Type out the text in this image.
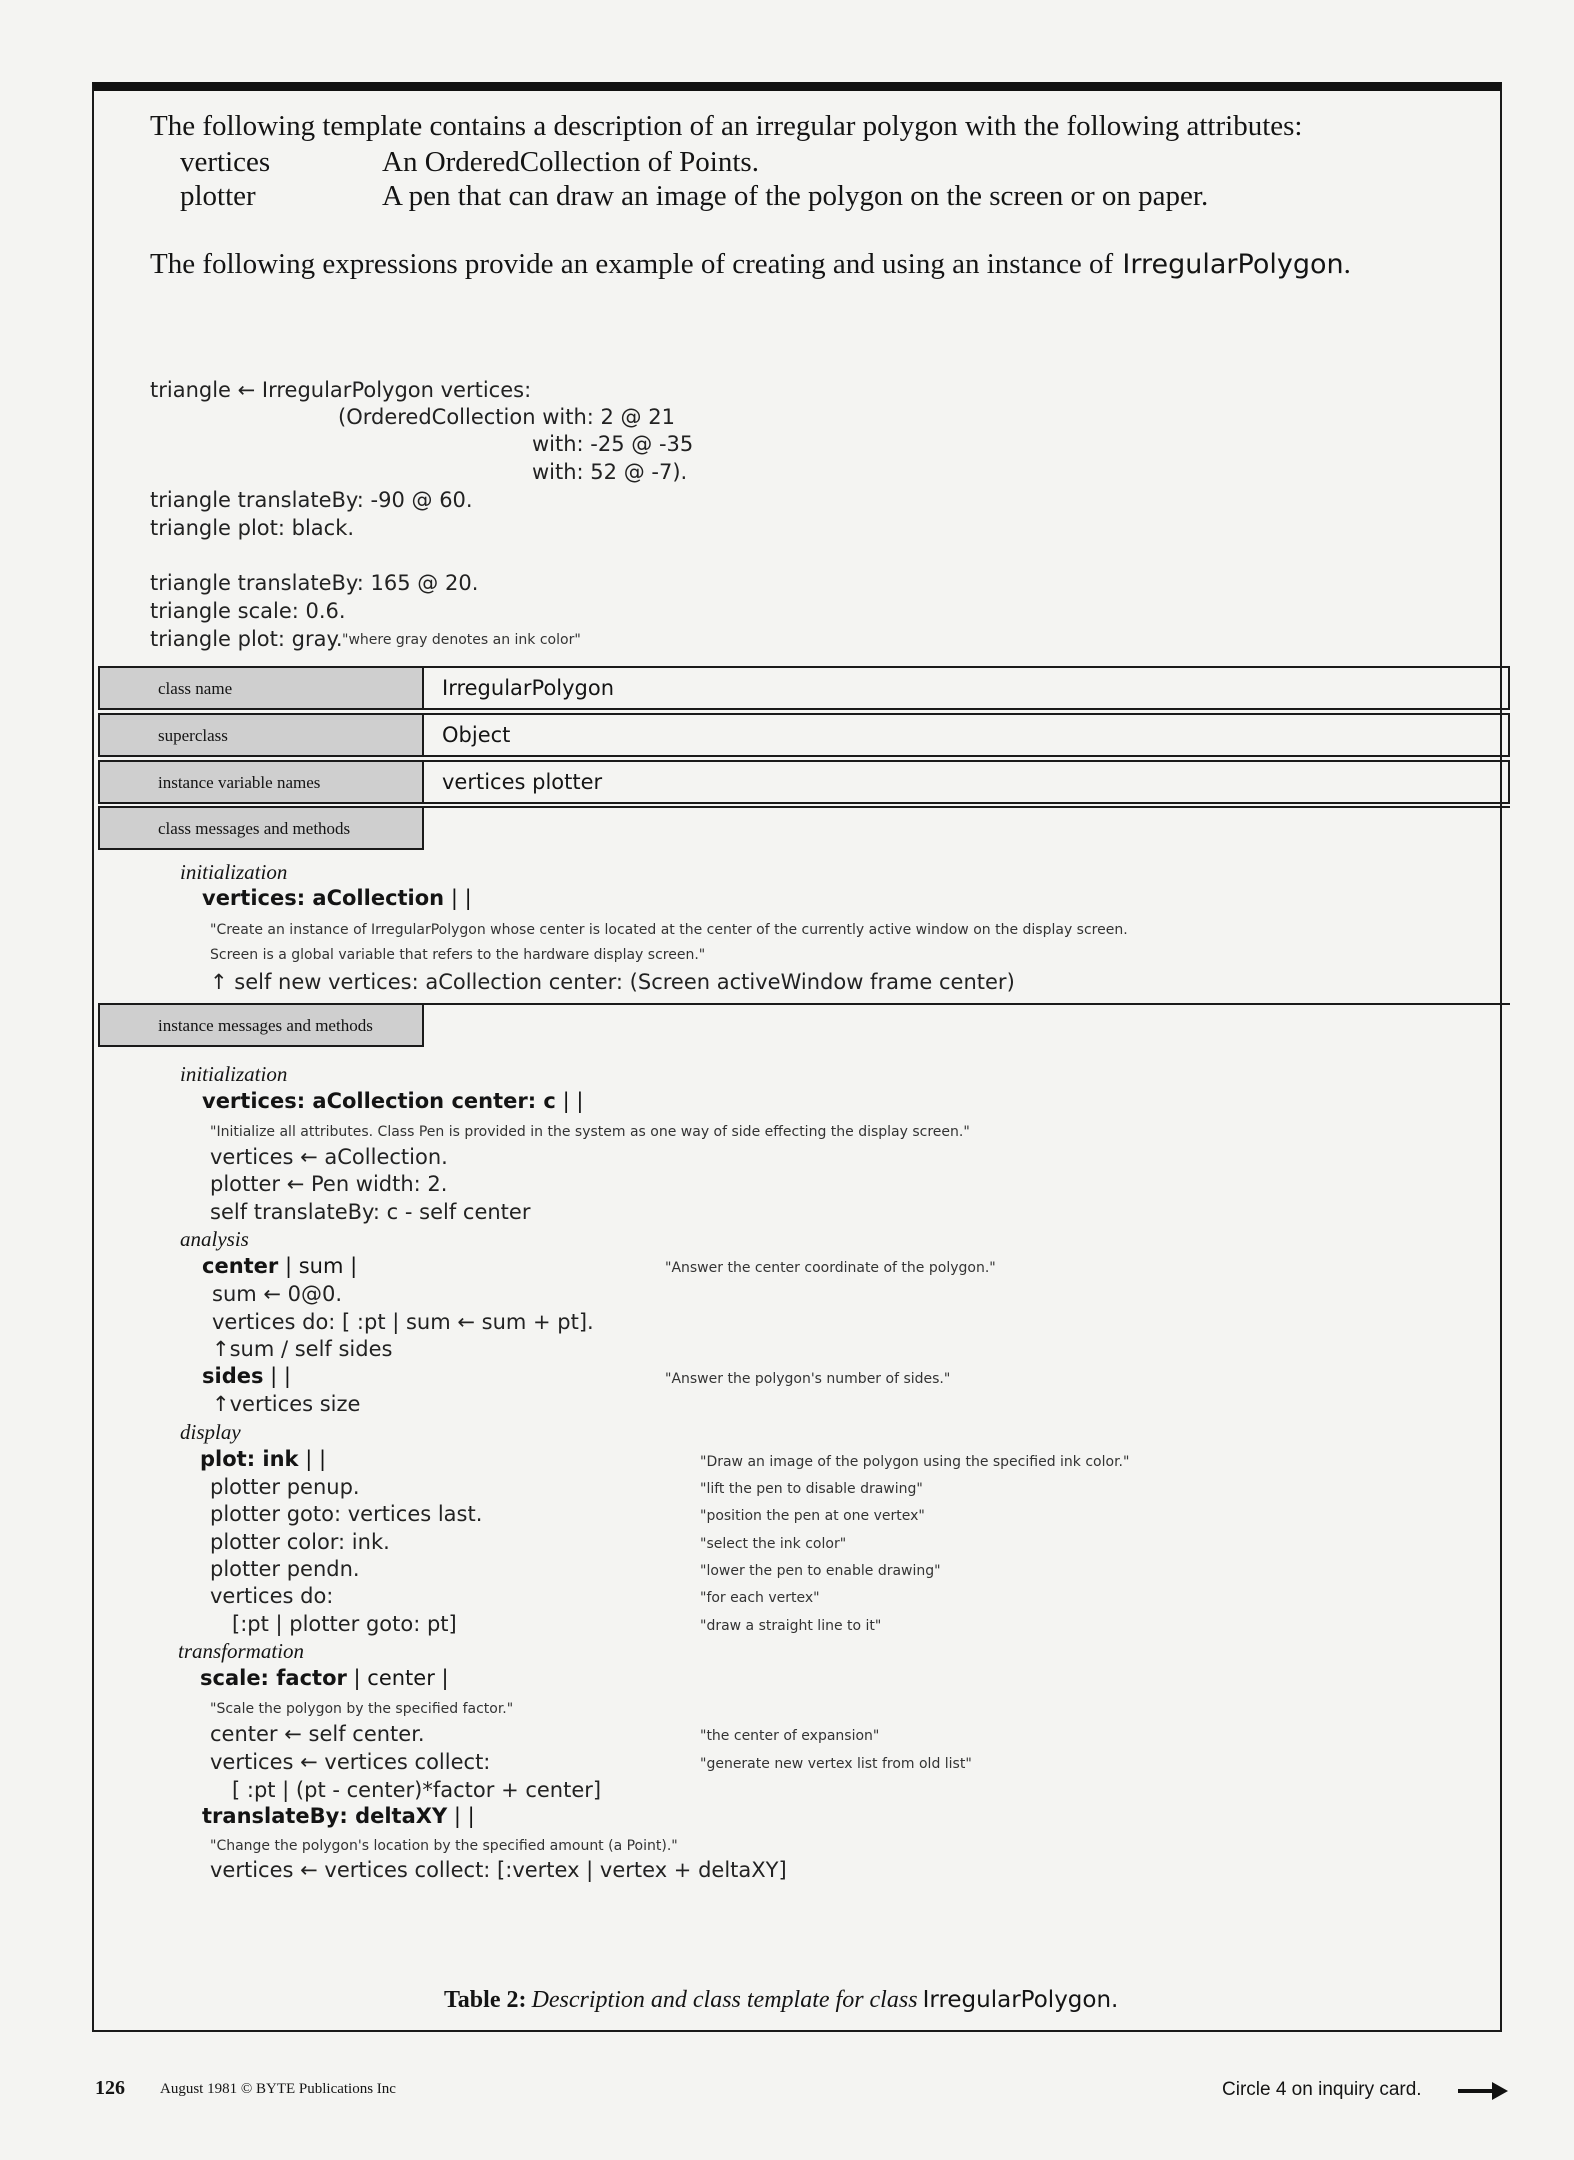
The following template contains a description of an irregular polygon with the following attributes:
vertices	An OrderedCollection of Points.
plotter	A pen that can draw an image of the polygon on the screen or on paper.
The following expressions provide an example of creating and using an instance of IrregularPolygon.
triangle ← IrregularPolygon vertices:
(OrderedCollection with: 2 @ 21
with: -25 @ -35
with: 52 @ -7).
triangle translateBy: -90 @ 60.
triangle plot: black.
triangle translateBy: 165 @ 20.
triangle scale: 0.6.
triangle plot: gray. "where gray denotes an ink color"
class name	IrregularPolygon
superclass	Object
instance variable names	vertices plotter
class messages and methods
initialization
vertices: aCollection | |
"Create an instance of IrregularPolygon whose center is located at the center of the currently active window on the display screen.
Screen is a global variable that refers to the hardware display screen."
↑ self new vertices: aCollection center: (Screen activeWindow frame center)
instance messages and methods
initialization
vertices: aCollection center: c | |
"Initialize all attributes. Class Pen is provided in the system as one way of side effecting the display screen."
vertices ← aCollection.
plotter ← Pen width: 2.
self translateBy: c - self center
analysis
center | sum |	"Answer the center coordinate of the polygon."
sum ← 0@0.
vertices do: [ :pt | sum ← sum + pt].
↑sum / self sides
sides | |	"Answer the polygon's number of sides."
↑vertices size
display
plot: ink | |	"Draw an image of the polygon using the specified ink color."
plotter penup.	"lift the pen to disable drawing"
plotter goto: vertices last.	"position the pen at one vertex"
plotter color: ink.	"select the ink color"
plotter pendn.	"lower the pen to enable drawing"
vertices do:	"for each vertex"
[:pt | plotter goto: pt]	"draw a straight line to it"
transformation
scale: factor | center |
"Scale the polygon by the specified factor."
center ← self center.	"the center of expansion"
vertices ← vertices collect:	"generate new vertex list from old list"
[ :pt | (pt - center)*factor + center]
translateBy: deltaXY | |
"Change the polygon's location by the specified amount (a Point)."
vertices ← vertices collect: [:vertex | vertex + deltaXY]
Table 2: Description and class template for class IrregularPolygon.
126 August 1981 © BYTE Publications Inc	Circle 4 on inquiry card.
